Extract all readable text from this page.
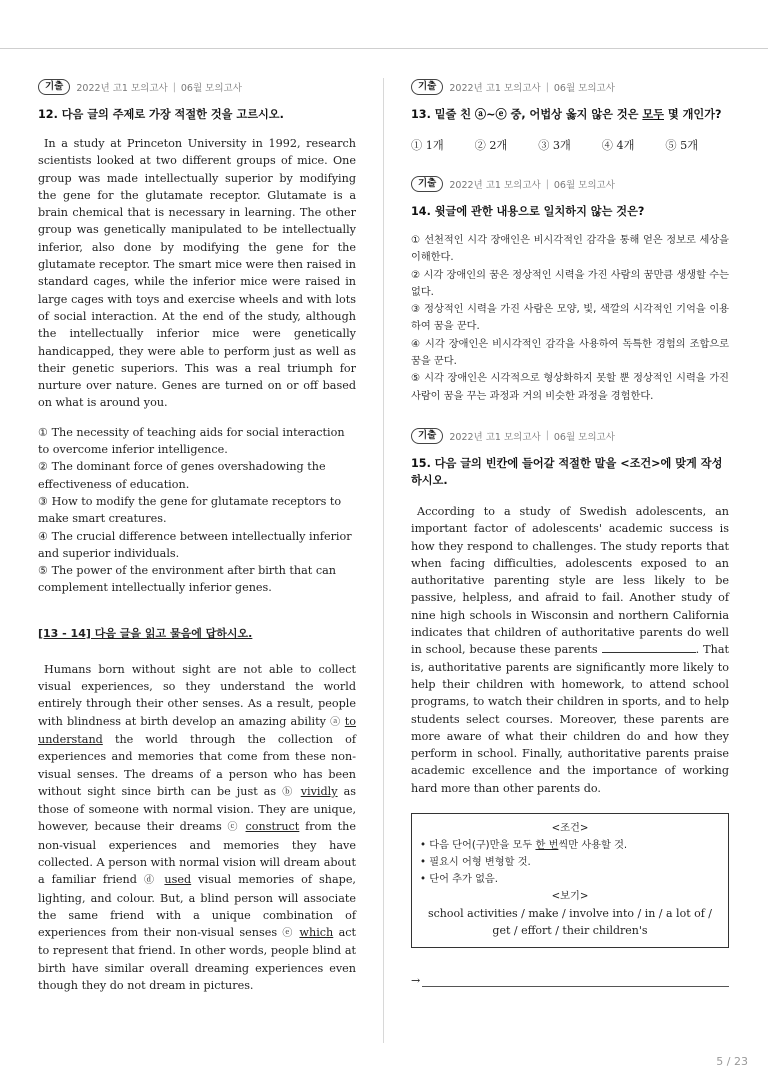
기출	2022년 고1 모의고사 | 06월 모의고사
12. 다음 글의 주제로 가장 적절한 것을 고르시오.
In a study at Princeton University in 1992, research scientists looked at two different groups of mice. One group was made intellectually superior by modifying the gene for the glutamate receptor. Glutamate is a brain chemical that is necessary in learning. The other group was genetically manipulated to be intellectually inferior, also done by modifying the gene for the glutamate receptor. The smart mice were then raised in standard cages, while the inferior mice were raised in large cages with toys and exercise wheels and with lots of social interaction. At the end of the study, although the intellectually inferior mice were genetically handicapped, they were able to perform just as well as their genetic superiors. This was a real triumph for nurture over nature. Genes are turned on or off based on what is around you.
① The necessity of teaching aids for social interaction to overcome inferior intelligence.
② The dominant force of genes overshadowing the effectiveness of education.
③ How to modify the gene for glutamate receptors to make smart creatures.
④ The crucial difference between intellectually inferior and superior individuals.
⑤ The power of the environment after birth that can complement intellectually inferior genes.
[13 - 14] 다음 글을 읽고 물음에 답하시오.
Humans born without sight are not able to collect visual experiences, so they understand the world entirely through their other senses. As a result, people with blindness at birth develop an amazing ability ⓐ to understand the world through the collection of experiences and memories that come from these non-visual senses. The dreams of a person who has been without sight since birth can be just as ⓑ vividly as those of someone with normal vision. They are unique, however, because their dreams ⓒ construct from the non-visual experiences and memories they have collected. A person with normal vision will dream about a familiar friend ⓓ used visual memories of shape, lighting, and colour. But, a blind person will associate the same friend with a unique combination of experiences from their non-visual senses ⓔ which act to represent that friend. In other words, people blind at birth have similar overall dreaming experiences even though they do not dream in pictures.
기출	2022년 고1 모의고사 | 06월 모의고사
13. 밑줄 친 ⓐ~ⓔ 중, 어법상 옳지 않은 것은 모두 몇 개인가?
① 1개	② 2개	③ 3개	④ 4개	⑤ 5개
기출	2022년 고1 모의고사 | 06월 모의고사
14. 윗글에 관한 내용으로 일치하지 않는 것은?
① 선천적인 시각 장애인은 비시각적인 감각을 통해 얻은 정보로 세상을 이해한다.
② 시각 장애인의 꿈은 정상적인 시력을 가진 사람의 꿈만큼 생생할 수는 없다.
③ 정상적인 시력을 가진 사람은 모양, 빛, 색깔의 시각적인 기억을 이용하여 꿈을 꾼다.
④ 시각 장애인은 비시각적인 감각을 사용하여 독특한 경험의 조합으로 꿈을 꾼다.
⑤ 시각 장애인은 시각적으로 형상화하지 못할 뿐 정상적인 시력을 가진 사람이 꿈을 꾸는 과정과 거의 비슷한 과정을 경험한다.
기출	2022년 고1 모의고사 | 06월 모의고사
15. 다음 글의 빈칸에 들어갈 적절한 말을 <조건>에 맞게 작성하시오.
According to a study of Swedish adolescents, an important factor of adolescents' academic success is how they respond to challenges. The study reports that when facing difficulties, adolescents exposed to an authoritative parenting style are less likely to be passive, helpless, and afraid to fail. Another study of nine high schools in Wisconsin and northern California indicates that children of authoritative parents do well in school, because these parents	. That is, authoritative parents are significantly more likely to help their children with homework, to attend school programs, to watch their children in sports, and to help students select courses. Moreover, these parents are more aware of what their children do and how they perform in school. Finally, authoritative parents praise academic excellence and the importance of working hard more than other parents do.
<조건>
• 다음 단어(구)만을 모두 한 번씩만 사용할 것.
• 필요시 어형 변형할 것.
• 단어 추가 없음.
<보기>
school activities / make / involve into / in / a lot of / get / effort / their children's
→
5 / 23
